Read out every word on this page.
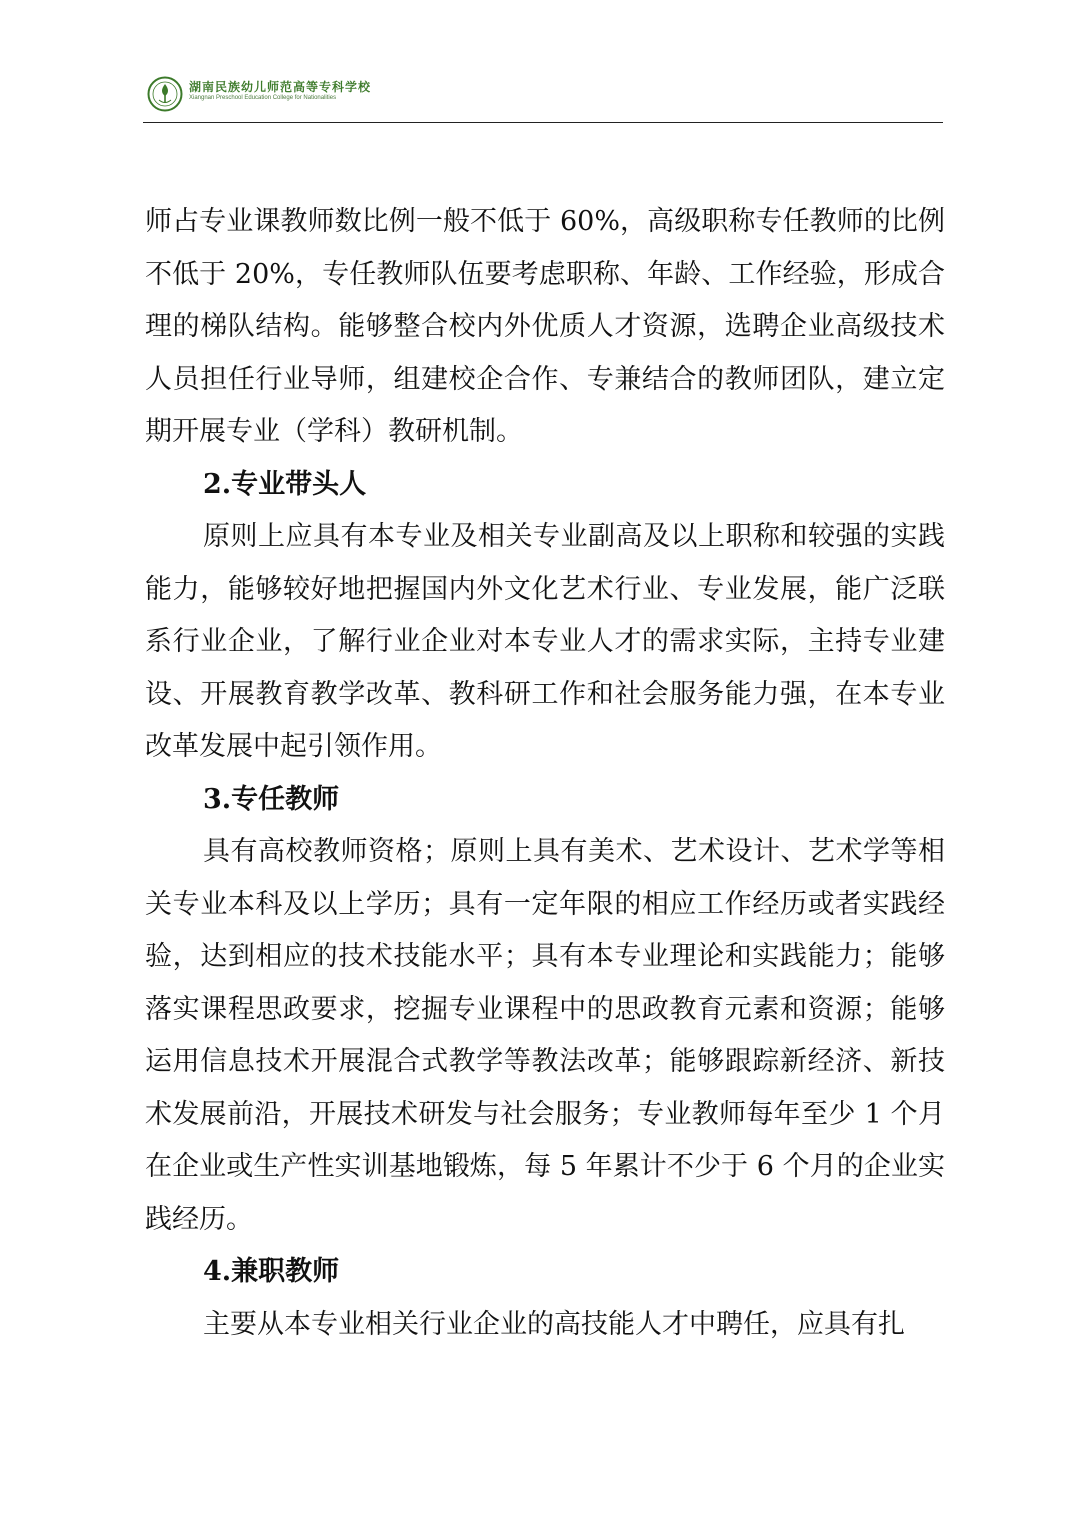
湖南民族幼儿师范高等专科学校
Xiangnan Preschool Education College for Nationalities

师占专业课教师数比例一般不低于 60%，高级职称专任教师的比例不低于 20%，专任教师队伍要考虑职称、年龄、工作经验，形成合理的梯队结构。能够整合校内外优质人才资源，选聘企业高级技术人员担任行业导师，组建校企合作、专兼结合的教师团队，建立定期开展专业（学科）教研机制。

2.专业带头人

原则上应具有本专业及相关专业副高及以上职称和较强的实践能力，能够较好地把握国内外文化艺术行业、专业发展，能广泛联系行业企业，了解行业企业对本专业人才的需求实际，主持专业建设、开展教育教学改革、教科研工作和社会服务能力强，在本专业改革发展中起引领作用。

3.专任教师

具有高校教师资格；原则上具有美术、艺术设计、艺术学等相关专业本科及以上学历；具有一定年限的相应工作经历或者实践经验，达到相应的技术技能水平；具有本专业理论和实践能力；能够落实课程思政要求，挖掘专业课程中的思政教育元素和资源；能够运用信息技术开展混合式教学等教法改革；能够跟踪新经济、新技术发展前沿，开展技术研发与社会服务；专业教师每年至少 1 个月在企业或生产性实训基地锻炼，每 5 年累计不少于 6 个月的企业实践经历。

4.兼职教师

主要从本专业相关行业企业的高技能人才中聘任，应具有扎
